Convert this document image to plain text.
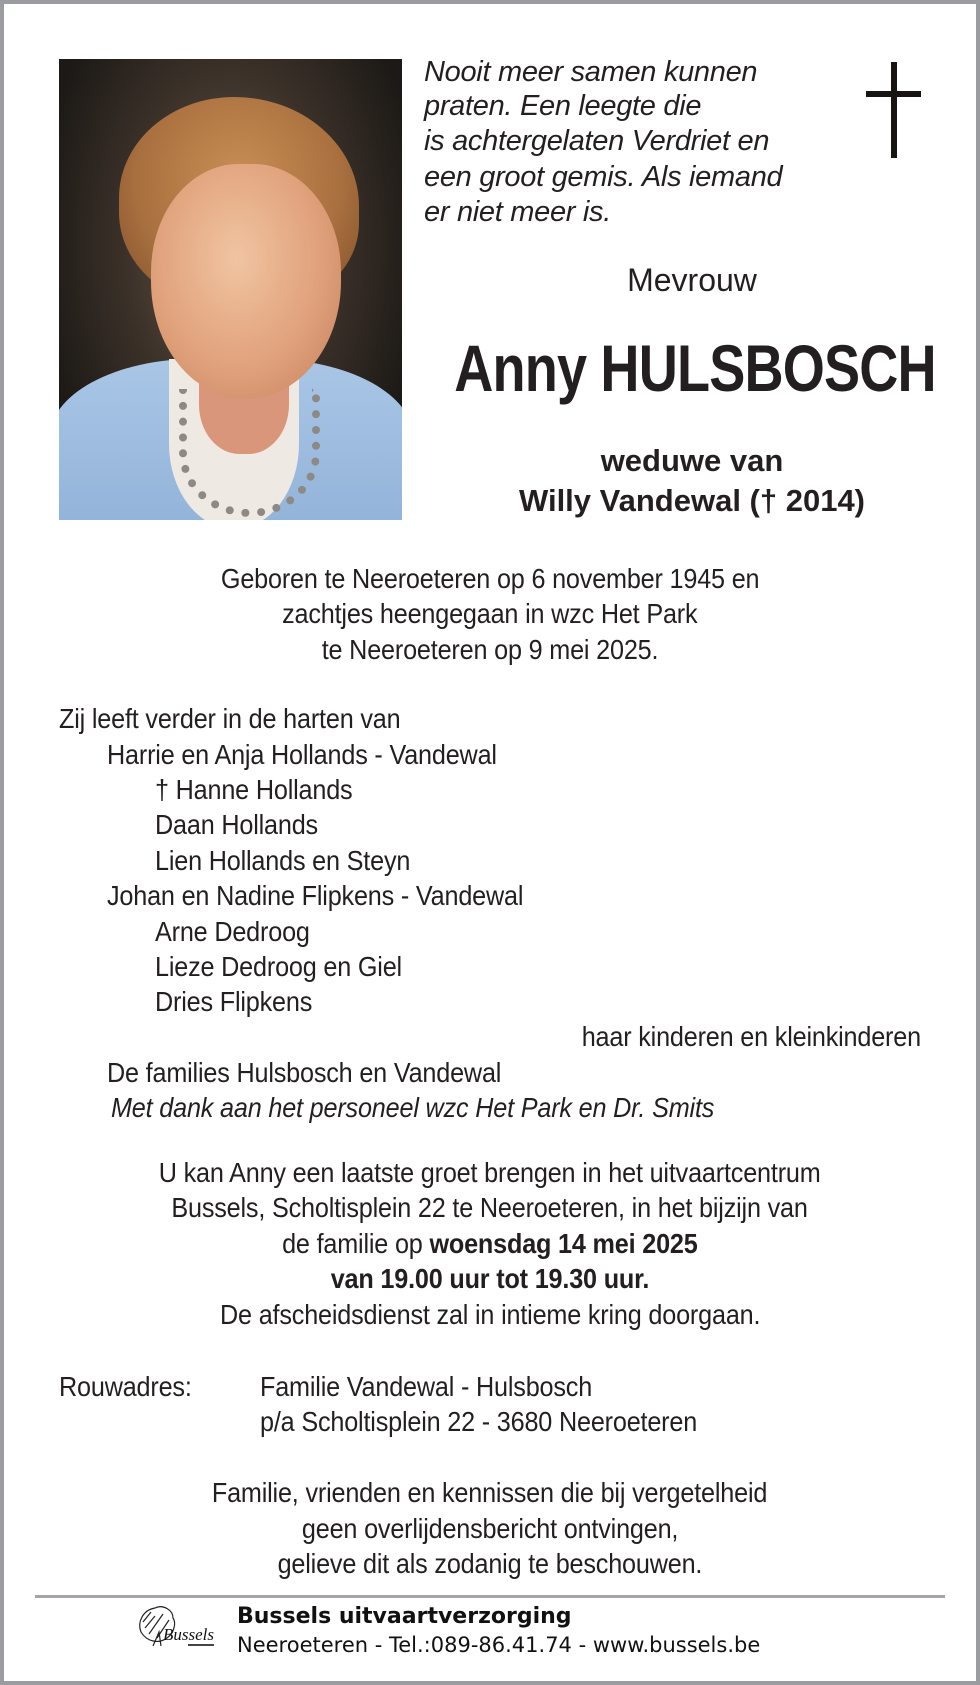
Nooit meer samen kunnen
praten. Een leegte die
is achtergelaten Verdriet en
een groot gemis. Als iemand
er niet meer is.
Mevrouw
Anny HULSBOSCH
weduwe van
Willy Vandewal († 2014)
Geboren te Neeroeteren op 6 november 1945 en
zachtjes heengegaan in wzc Het Park
te Neeroeteren op 9 mei 2025.
Zij leeft verder in de harten van
Harrie en Anja Hollands - Vandewal
† Hanne Hollands
Daan Hollands
Lien Hollands en Steyn
Johan en Nadine Flipkens - Vandewal
Arne Dedroog
Lieze Dedroog en Giel
Dries Flipkens
haar kinderen en kleinkinderen
De families Hulsbosch en Vandewal
Met dank aan het personeel wzc Het Park en Dr. Smits
U kan Anny een laatste groet brengen in het uitvaartcentrum
Bussels, Scholtisplein 22 te Neeroeteren, in het bijzijn van
de familie op woensdag 14 mei 2025
van 19.00 uur tot 19.30 uur.
De afscheidsdienst zal in intieme kring doorgaan.
Rouwadres: Familie Vandewal - Hulsbosch
p/a Scholtisplein 22 - 3680 Neeroeteren
Familie, vrienden en kennissen die bij vergetelheid
geen overlijdensbericht ontvingen,
gelieve dit als zodanig te beschouwen.
Bussels
Bussels uitvaartverzorging
Neeroeteren - Tel.:089-86.41.74 - www.bussels.be
